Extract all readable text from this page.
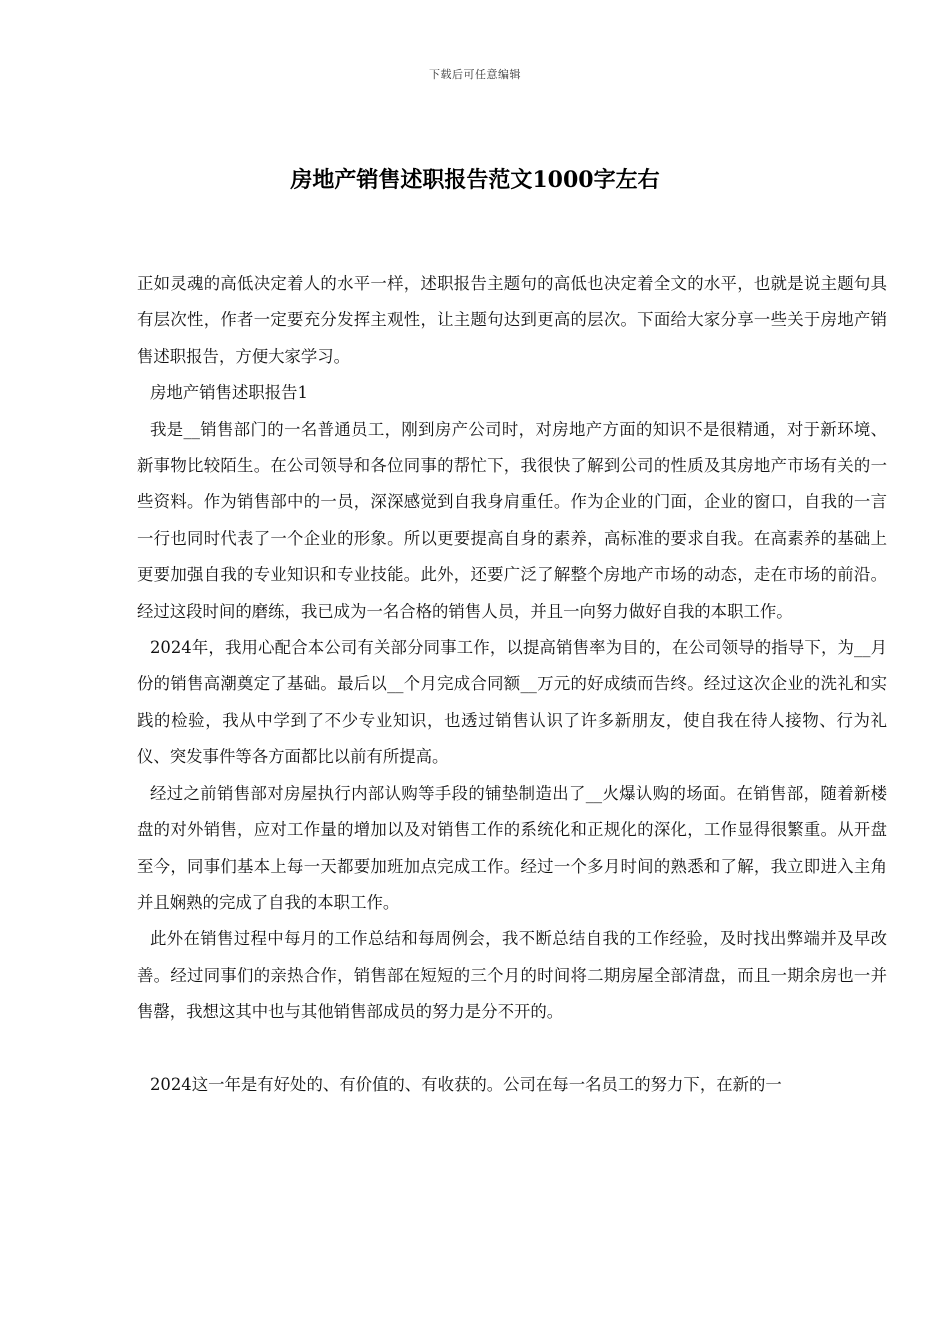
下载后可任意编辑
房地产销售述职报告范文1000字左右

正如灵魂的高低决定着人的水平一样，述职报告主题句的高低也决定着全文的水平，也就是说主题句具有层次性，作者一定要充分发挥主观性，让主题句达到更高的层次。下面给大家分享一些关于房地产销售述职报告，方便大家学习。

房地产销售述职报告1

我是__销售部门的一名普通员工，刚到房产公司时，对房地产方面的知识不是很精通，对于新环境、新事物比较陌生。在公司领导和各位同事的帮忙下，我很快了解到公司的性质及其房地产市场有关的一些资料。作为销售部中的一员，深深感觉到自我身肩重任。作为企业的门面，企业的窗口，自我的一言一行也同时代表了一个企业的形象。所以更要提高自身的素养，高标准的要求自我。在高素养的基础上更要加强自我的专业知识和专业技能。此外，还要广泛了解整个房地产市场的动态，走在市场的前沿。经过这段时间的磨练，我已成为一名合格的销售人员，并且一向努力做好自我的本职工作。

2024年，我用心配合本公司有关部分同事工作，以提高销售率为目的，在公司领导的指导下，为__月份的销售高潮奠定了基础。最后以__个月完成合同额__万元的好成绩而告终。经过这次企业的洗礼和实践的检验，我从中学到了不少专业知识，也透过销售认识了许多新朋友，使自我在待人接物、行为礼仪、突发事件等各方面都比以前有所提高。

经过之前销售部对房屋执行内部认购等手段的铺垫制造出了__火爆认购的场面。在销售部，随着新楼盘的对外销售，应对工作量的增加以及对销售工作的系统化和正规化的深化，工作显得很繁重。从开盘至今，同事们基本上每一天都要加班加点完成工作。经过一个多月时间的熟悉和了解，我立即进入主角并且娴熟的完成了自我的本职工作。

此外在销售过程中每月的工作总结和每周例会，我不断总结自我的工作经验，及时找出弊端并及早改善。经过同事们的亲热合作，销售部在短短的三个月的时间将二期房屋全部清盘，而且一期余房也一并售罄，我想这其中也与其他销售部成员的努力是分不开的。

2024这一年是有好处的、有价值的、有收获的。公司在每一名员工的努力下，在新的一
